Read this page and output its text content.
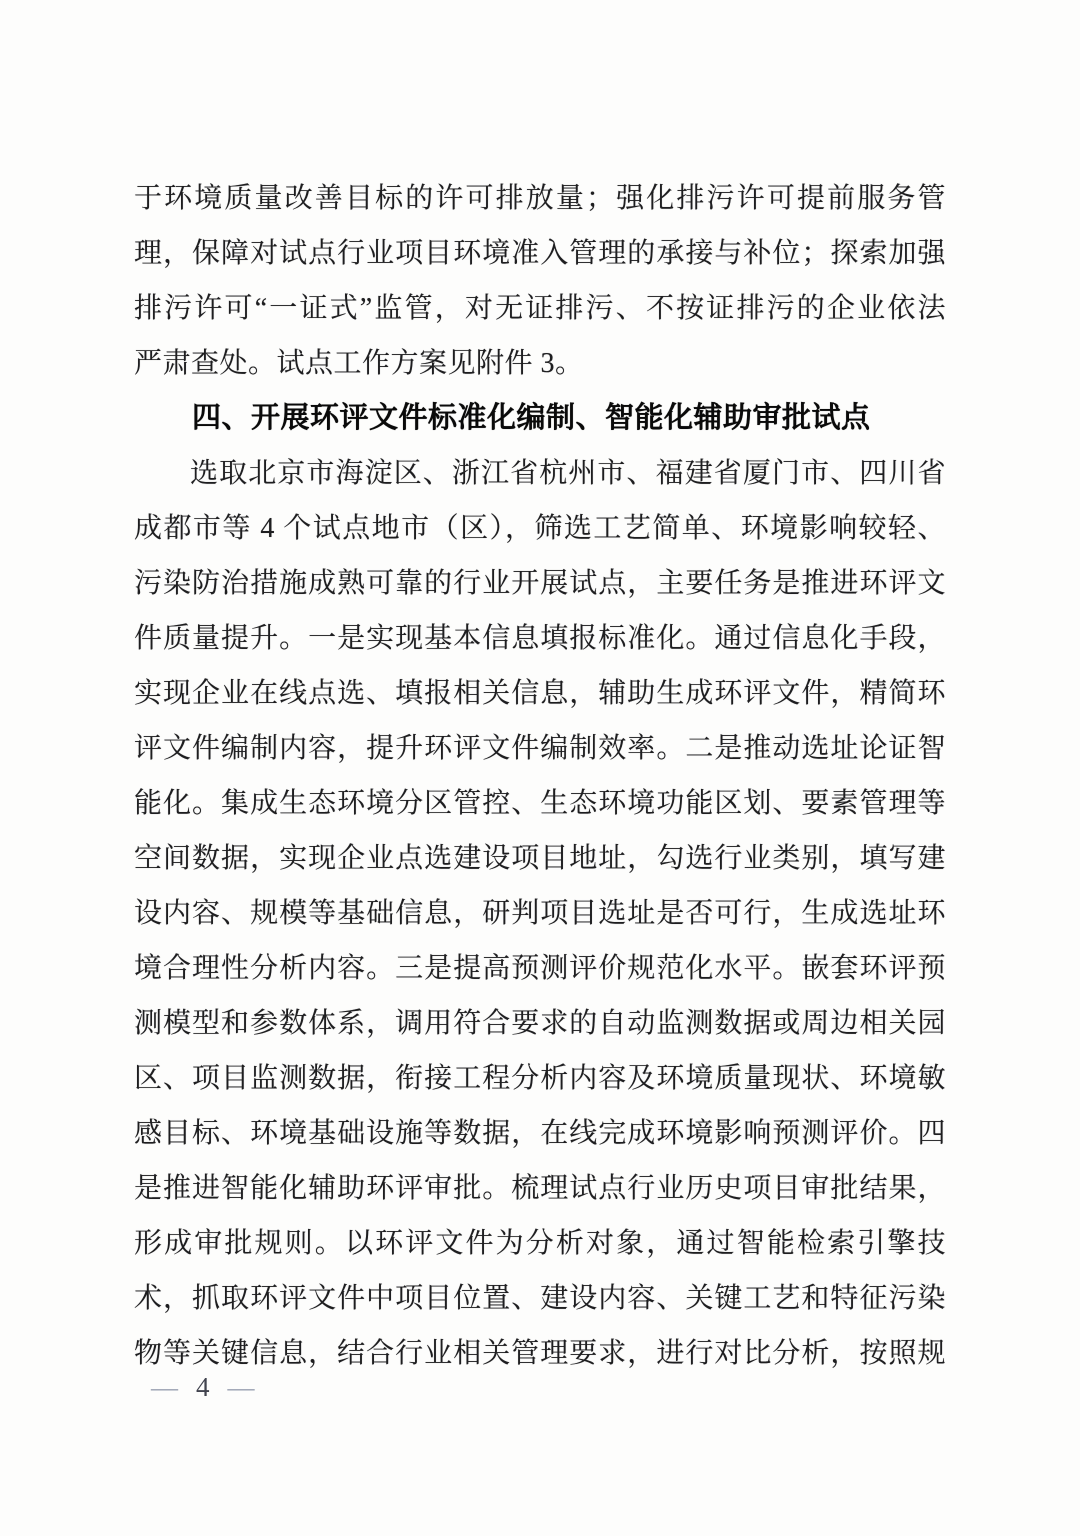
于环境质量改善目标的许可排放量；强化排污许可提前服务管
理，保障对试点行业项目环境准入管理的承接与补位；探索加强
排污许可“一证式”监管，对无证排污、不按证排污的企业依法
严肃查处。试点工作方案见附件 3。
四、开展环评文件标准化编制、智能化辅助审批试点
选取北京市海淀区、浙江省杭州市、福建省厦门市、四川省
成都市等 4 个试点地市（区），筛选工艺简单、环境影响较轻、
污染防治措施成熟可靠的行业开展试点，主要任务是推进环评文
件质量提升。一是实现基本信息填报标准化。通过信息化手段，
实现企业在线点选、填报相关信息，辅助生成环评文件，精简环
评文件编制内容，提升环评文件编制效率。二是推动选址论证智
能化。集成生态环境分区管控、生态环境功能区划、要素管理等
空间数据，实现企业点选建设项目地址，勾选行业类别，填写建
设内容、规模等基础信息，研判项目选址是否可行，生成选址环
境合理性分析内容。三是提高预测评价规范化水平。嵌套环评预
测模型和参数体系，调用符合要求的自动监测数据或周边相关园
区、项目监测数据，衔接工程分析内容及环境质量现状、环境敏
感目标、环境基础设施等数据，在线完成环境影响预测评价。四
是推进智能化辅助环评审批。梳理试点行业历史项目审批结果，
形成审批规则。以环评文件为分析对象，通过智能检索引擎技
术，抓取环评文件中项目位置、建设内容、关键工艺和特征污染
物等关键信息，结合行业相关管理要求，进行对比分析，按照规
— 4 —
